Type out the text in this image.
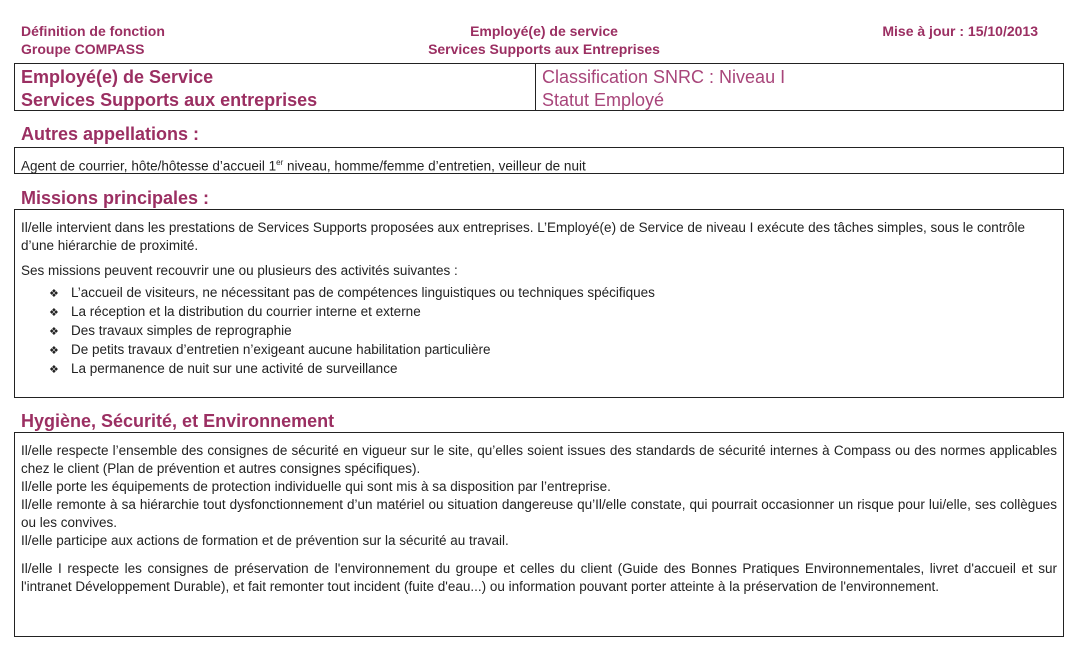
Définition de fonction
Groupe COMPASS
Employé(e) de service
Services Supports aux Entreprises
Mise à jour : 15/10/2013
Employé(e) de Service
Services Supports aux entreprises
Classification SNRC : Niveau I
Statut Employé
Autres appellations :
Agent de courrier, hôte/hôtesse d’accueil 1er niveau, homme/femme d’entretien, veilleur de nuit
Missions principales :

Il/elle intervient dans les prestations de Services Supports proposées aux entreprises. L’Employé(e) de Service de niveau I exécute des tâches simples, sous le contrôle d’une hiérarchie de proximité.

Ses missions peuvent recouvrir une ou plusieurs des activités suivantes :

❖ L’accueil de visiteurs, ne nécessitant pas de compétences linguistiques ou techniques spécifiques
❖ La réception et la distribution du courrier interne et externe
❖ Des travaux simples de reprographie
❖ De petits travaux d’entretien n’exigeant aucune habilitation particulière
❖ La permanence de nuit sur une activité de surveillance
Hygiène, Sécurité, et Environnement

Il/elle respecte l’ensemble des consignes de sécurité en vigueur sur le site, qu’elles soient issues des standards de sécurité internes à Compass ou des normes applicables chez le client (Plan de prévention et autres consignes spécifiques).

Il/elle porte les équipements de protection individuelle qui sont mis à sa disposition par l’entreprise.

Il/elle remonte à sa hiérarchie tout dysfonctionnement d’un matériel ou situation dangereuse qu’Il/elle constate, qui pourrait occasionner un risque pour lui/elle, ses collègues ou les convives.

Il/elle participe aux actions de formation et de prévention sur la sécurité au travail.

Il/elle I respecte les consignes de préservation de l'environnement du groupe et celles du client (Guide des Bonnes Pratiques Environnementales, livret d'accueil et sur l'intranet Développement Durable), et fait remonter tout incident (fuite d'eau...) ou information pouvant porter atteinte à la préservation de l'environnement.
